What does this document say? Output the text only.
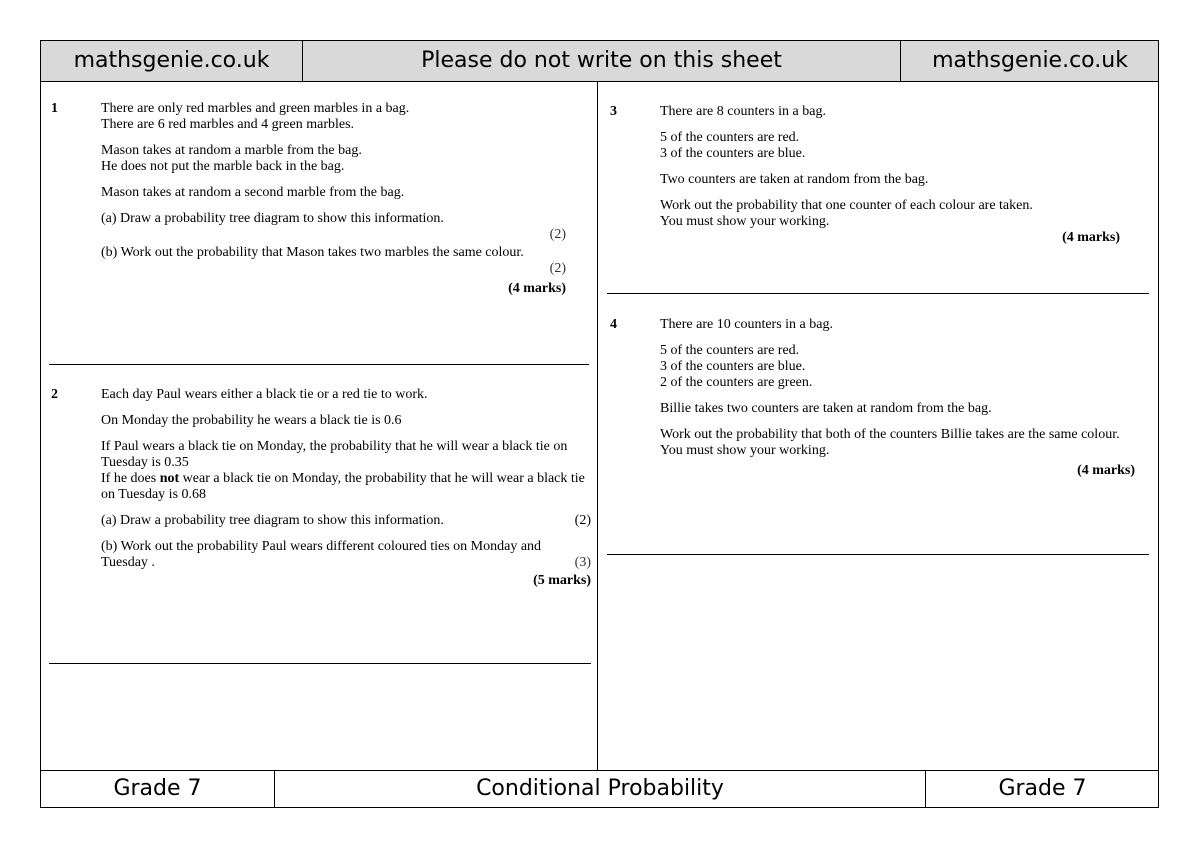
mathsgenie.co.uk	Please do not write on this sheet	mathsgenie.co.uk
1	There are only red marbles and green marbles in a bag.
There are 6 red marbles and 4 green marbles.

Mason takes at random a marble from the bag.
He does not put the marble back in the bag.

Mason takes at random a second marble from the bag.

(a) Draw a probability tree diagram to show this information.

(2)

(b) Work out the probability that Mason takes two marbles the same colour.

(2)
(4 marks)
2	Each day Paul wears either a black tie or a red tie to work.

On Monday the probability he wears a black tie is 0.6

If Paul wears a black tie on Monday, the probability that he will wear a black tie on Tuesday is 0.35

If he does not wear a black tie on Monday, the probability that he will wear a black tie on Tuesday is 0.68

(a) Draw a probability tree diagram to show this information.	(2)

(b) Work out the probability Paul wears different coloured ties on Monday and Tuesday .	(3)
(5 marks)
3	There are 8 counters in a bag.

5 of the counters are red.
3 of the counters are blue.

Two counters are taken at random from the bag.

Work out the probability that one counter of each colour are taken.
You must show your working.

(4 marks)

There are 10 counters in a bag.

5 of the counters are red.
3 of the counters are blue.
2 of the counters are green.

Billie takes two counters are taken at random from the bag.

Work out the probability that both of the counters Billie takes are the same colour.
You must show your working.

(4 marks)
4
Grade 7	Conditional Probability	Grade 7
